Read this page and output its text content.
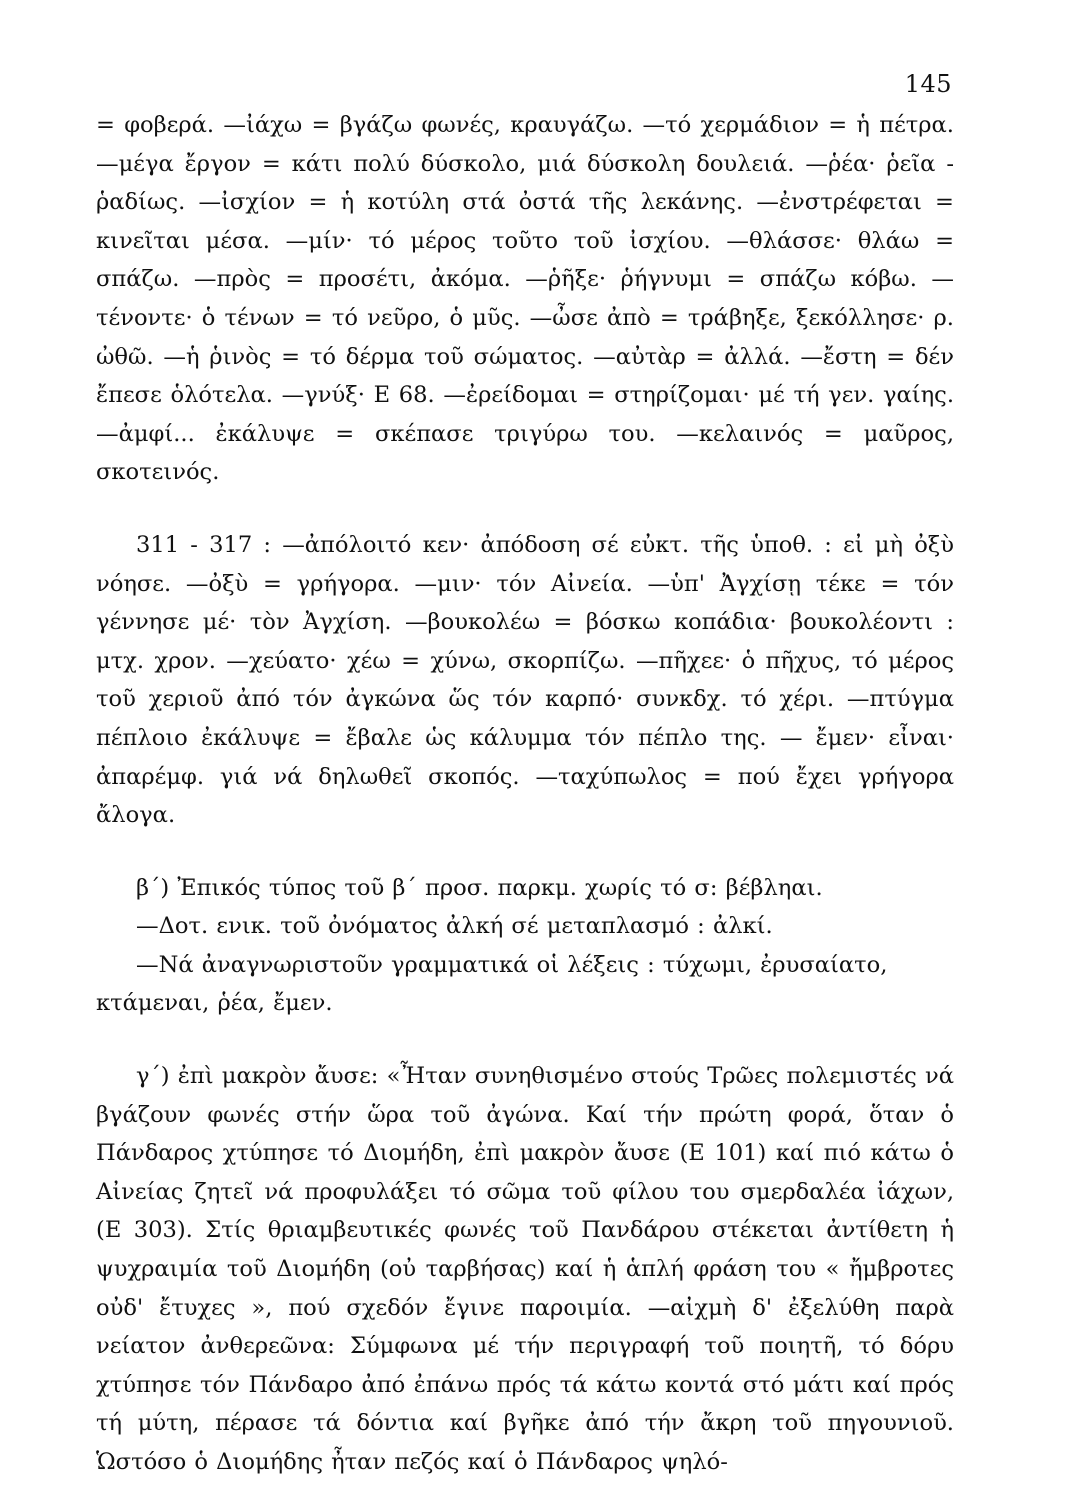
145

= φοβερά. —ἰάχω = βγάζω φωνές, κραυγάζω. —τό χερμάδιον = ἡ πέτρα. —μέγα ἔργον = κάτι πολύ δύσκολο, μιά δύσκολη δουλειά. —ῥέα· ῥεῖα - ῥαδίως. —ἰσχίον = ἡ κοτύλη στά ὀστά τῆς λεκάνης. —ἐνστρέφεται = κινεῖται μέσα. —μίν· τό μέρος τοῦτο τοῦ ἰσχίου. —θλάσσε· θλάω = σπάζω. —πρὸς = προσέτι, ἀκόμα. —ῥῆξε· ῥήγνυμι = σπάζω κόβω. —τένοντε· ὁ τένων = τό νεῦρο, ὁ μῦς. —ὦσε ἀπὸ = τράβηξε, ξεκόλλησε· ρ. ὠθῶ. —ἡ ῥινὸς = τό δέρμα τοῦ σώματος. —αὐτὰρ = ἀλλά. —ἔστη = δέν ἔπεσε ὁλότελα. —γνύξ· Ε 68. —ἐρείδομαι = στηρίζομαι· μέ τή γεν. γαίης. —ἀμφί... ἐκάλυψε = σκέπασε τριγύρω του. —κελαινός = μαῦρος, σκοτεινός.

311 - 317 : —ἀπόλοιτό κεν· ἀπόδοση σέ εὐκτ. τῆς ὑποθ. : εἰ μὴ ὀξὺ νόησε. —ὀξὺ = γρήγορα. —μιν· τόν Αἰνεία. —ὑπ' Ἀγχίσῃ τέκε = τόν γέννησε μέ· τὸν Ἀγχίση. —βουκολέω = βόσκω κοπάδια· βουκολέοντι : μτχ. χρον. —χεύατο· χέω = χύνω, σκορπίζω. —πῆχεε· ὁ πῆχυς, τό μέρος τοῦ χεριοῦ ἀπό τόν ἀγκώνα ὥς τόν καρπό· συνκδχ. τό χέρι. —πτύγμα πέπλοιο ἐκάλυψε = ἔβαλε ὡς κάλυμμα τόν πέπλο της. — ἔμεν· εἶναι· ἀπαρέμφ. γιά νά δηλωθεῖ σκοπός. —ταχύπωλος = πού ἔχει γρήγορα ἄλογα.

β΄) Ἐπικός τύπος τοῦ β΄ προσ. παρκμ. χωρίς τό σ: βέβληαι.
—Δοτ. ενικ. τοῦ ὀνόματος ἀλκή σέ μεταπλασμό : ἀλκί.
—Νά ἀναγνωριστοῦν γραμματικά οἱ λέξεις : τύχωμι, ἐρυσαίατο,
κτάμεναι, ῥέα, ἔμεν.

γ΄) ἐπὶ μακρὸν ἄυσε: «Ἦταν συνηθισμένο στούς Τρῶες πολεμιστές νά βγάζουν φωνές στήν ὥρα τοῦ ἀγώνα. Καί τήν πρώτη φορά, ὅταν ὁ Πάνδαρος χτύπησε τό Διομήδη, ἐπὶ μακρὸν ἄυσε (Ε 101) καί πιό κάτω ὁ Αἰνείας ζητεῖ νά προφυλάξει τό σῶμα τοῦ φίλου του σμερδαλέα ἰάχων, (Ε 303). Στίς θριαμβευτικές φωνές τοῦ Πανδάρου στέκεται ἀντίθετη ἡ ψυχραιμία τοῦ Διομήδη (οὐ ταρβήσας) καί ἡ ἁπλή φράση του « ἤμβροτες οὐδ' ἔτυχες », πού σχεδόν ἔγινε παροιμία. —αἰχμὴ δ' ἐξελύθη παρὰ νείατον ἀνθερεῶνα: Σύμφωνα μέ τήν περιγραφή τοῦ ποιητῆ, τό δόρυ χτύπησε τόν Πάνδαρο ἀπό ἐπάνω πρός τά κάτω κοντά στό μάτι καί πρός τή μύτη, πέρασε τά δόντια καί βγῆκε ἀπό τήν ἄκρη τοῦ πηγουνιοῦ. Ὡστόσο ὁ Διομήδης ἦταν πεζός καί ὁ Πάνδαρος ψηλό-
